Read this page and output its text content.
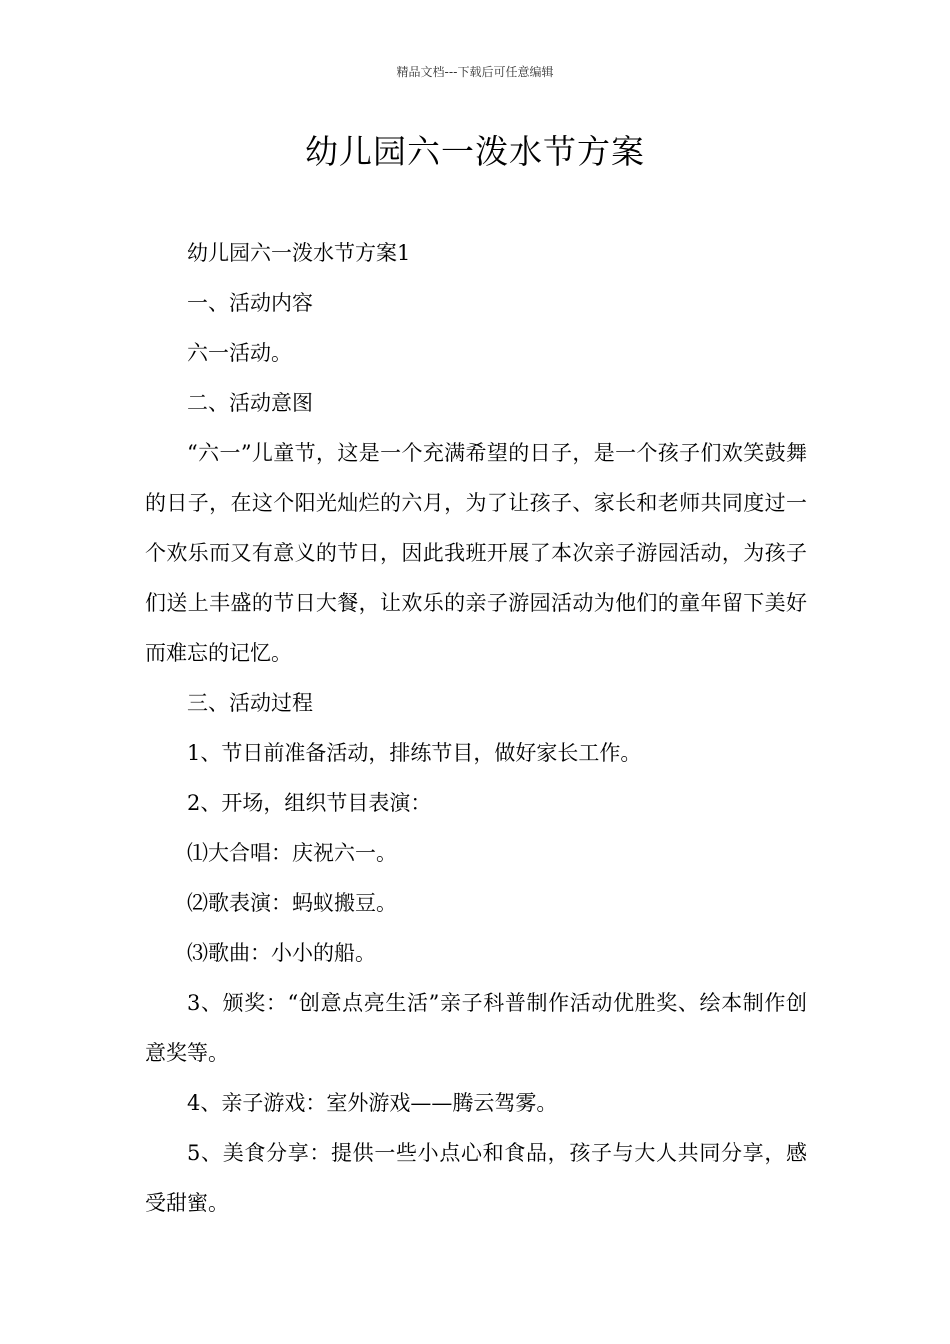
精品文档---下载后可任意编辑
幼儿园六一泼水节方案

幼儿园六一泼水节方案1

一、活动内容

六一活动。

二、活动意图

“六一”儿童节，这是一个充满希望的日子，是一个孩子们欢笑鼓舞的日子，在这个阳光灿烂的六月，为了让孩子、家长和老师共同度过一个欢乐而又有意义的节日，因此我班开展了本次亲子游园活动，为孩子们送上丰盛的节日大餐，让欢乐的亲子游园活动为他们的童年留下美好而难忘的记忆。

三、活动过程

1、节日前准备活动，排练节目，做好家长工作。

2、开场，组织节目表演：

⑴大合唱：庆祝六一。

⑵歌表演：蚂蚁搬豆。

⑶歌曲：小小的船。

3、颁奖：“创意点亮生活”亲子科普制作活动优胜奖、绘本制作创意奖等。

4、亲子游戏：室外游戏——腾云驾雾。

5、美食分享：提供一些小点心和食品，孩子与大人共同分享，感受甜蜜。
